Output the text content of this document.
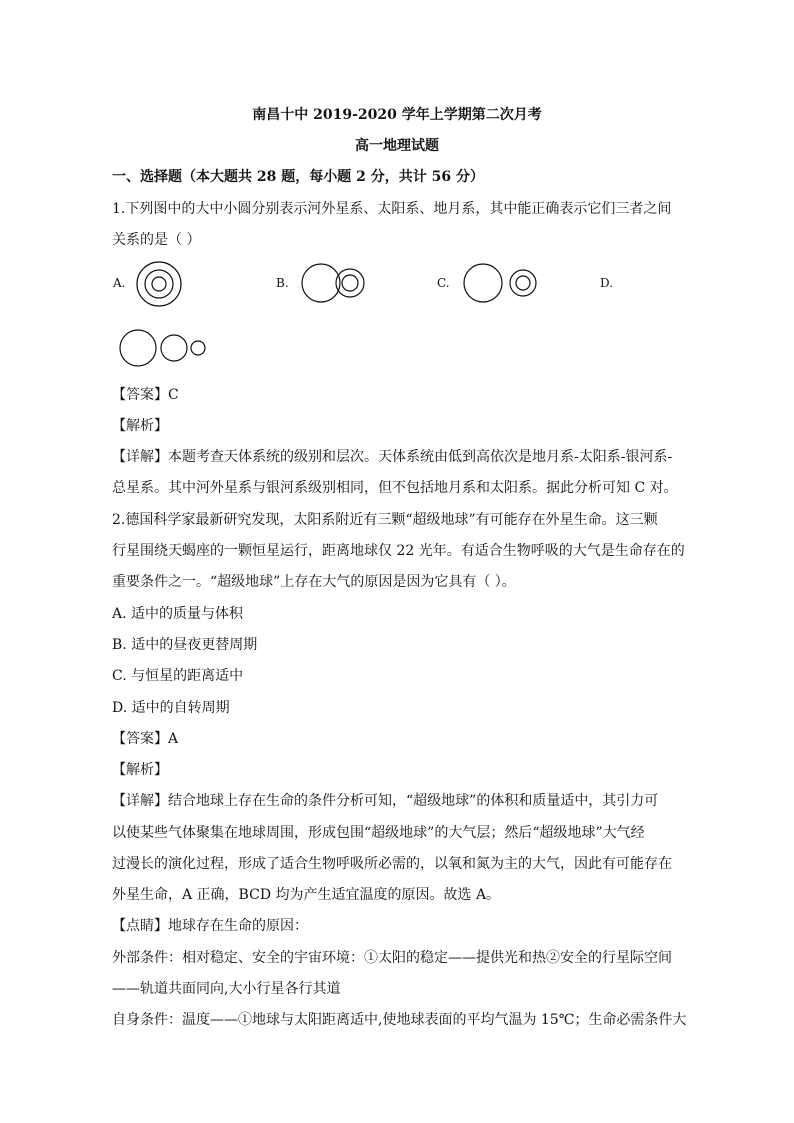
南昌十中 2019-2020 学年上学期第二次月考
高一地理试题
一、选择题（本大题共 28 题，每小题 2 分，共计 56 分）
1.下列图中的大中小圆分别表示河外星系、太阳系、地月系，其中能正确表示它们三者之间
关系的是（ ）
A.	B.	C.	D.
【答案】C
【解析】
【详解】本题考查天体系统的级别和层次。天体系统由低到高依次是地月系-太阳系-银河系-
总星系。其中河外星系与银河系级别相同，但不包括地月系和太阳系。据此分析可知 C 对。
2.德国科学家最新研究发现，太阳系附近有三颗“超级地球”有可能存在外星生命。这三颗
行星围绕天蝎座的一颗恒星运行，距离地球仅 22 光年。有适合生物呼吸的大气是生命存在的
重要条件之一。“超级地球”上存在大气的原因是因为它具有（ ）。
A. 适中的质量与体积
B. 适中的昼夜更替周期
C. 与恒星的距离适中
D. 适中的自转周期
【答案】A
【解析】
【详解】结合地球上存在生命的条件分析可知，“超级地球”的体积和质量适中，其引力可
以使某些气体聚集在地球周围，形成包围“超级地球”的大气层；然后“超级地球”大气经
过漫长的演化过程，形成了适合生物呼吸所必需的，以氧和氮为主的大气，因此有可能存在
外星生命，A 正确，BCD 均为产生适宜温度的原因。故选 A。
【点睛】地球存在生命的原因：
外部条件：相对稳定、安全的宇宙环境：①太阳的稳定——提供光和热②安全的行星际空间
——轨道共面同向,大小行星各行其道
自身条件：温度——①地球与太阳距离适中,使地球表面的平均气温为 15℃；生命必需条件大
